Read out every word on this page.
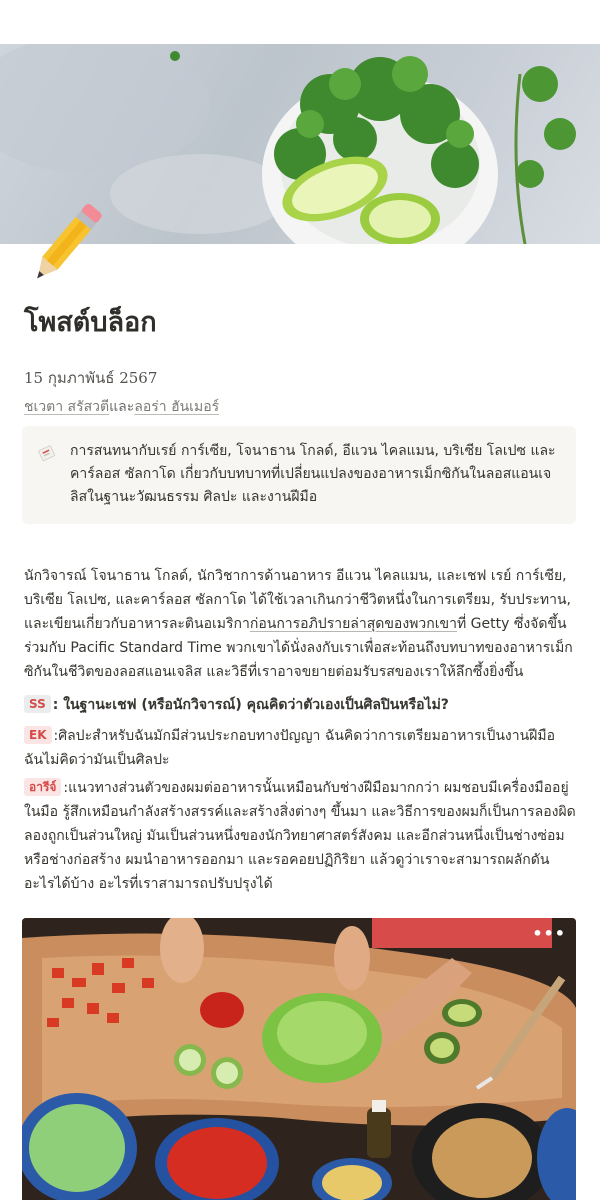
โพสต์บล็อก
15 กุมภาพันธ์ 2567
ชเวตา สรัสวตีและลอร่า ฮันเมอร์
การสนทนากับเรย์ การ์เซีย, โจนาธาน โกลด์, อีแวน ไคลแมน, บริเซีย โลเปซ และคาร์ลอส ซัลกาโด เกี่ยวกับบทบาทที่เปลี่ยนแปลงของอาหารเม็กซิกันในลอสแอนเจลิสในฐานะวัฒนธรรม ศิลปะ และงานฝีมือ

นักวิจารณ์ โจนาธาน โกลด์, นักวิชาการด้านอาหาร อีแวน ไคลแมน, และเชฟ เรย์ การ์เซีย, บริเซีย โลเปซ, และคาร์ลอส ซัลกาโด ได้ใช้เวลาเกินกว่าชีวิตหนึ่งในการเตรียม, รับประทาน, และเขียนเกี่ยวกับอาหารละตินอเมริกาก่อนการอภิปรายล่าสุดของพวกเขาที่ Getty ซึ่งจัดขึ้นร่วมกับ Pacific Standard Time พวกเขาได้นั่งลงกับเราเพื่อสะท้อนถึงบทบาทของอาหารเม็กซิกันในชีวิตของลอสแอนเจลิส และวิธีที่เราอาจขยายต่อมรับรสของเราให้ลึกซึ้งยิ่งขึ้น

SS : ในฐานะเชฟ (หรือนักวิจารณ์) คุณคิดว่าตัวเองเป็นศิลปินหรือไม่?

EK :ศิลปะสำหรับฉันมักมีส่วนประกอบทางปัญญา ฉันคิดว่าการเตรียมอาหารเป็นงานฝีมือ ฉันไม่คิดว่ามันเป็นศิลปะ

อารีจ์ :แนวทางส่วนตัวของผมต่ออาหารนั้นเหมือนกับช่างฝีมือมากกว่า ผมชอบมีเครื่องมืออยู่ในมือ รู้สึกเหมือนกำลังสร้างสรรค์และสร้างสิ่งต่างๆ ขึ้นมา และวิธีการของผมก็เป็นการลองผิดลองถูกเป็นส่วนใหญ่ มันเป็นส่วนหนึ่งของนักวิทยาศาสตร์สังคม และอีกส่วนหนึ่งเป็นช่างซ่อมหรือช่างก่อสร้าง ผมนำอาหารออกมา และรอคอยปฏิกิริยา แล้วดูว่าเราจะสามารถผลักดันอะไรได้บ้าง อะไรที่เราสามารถปรับปรุงได้

•••
